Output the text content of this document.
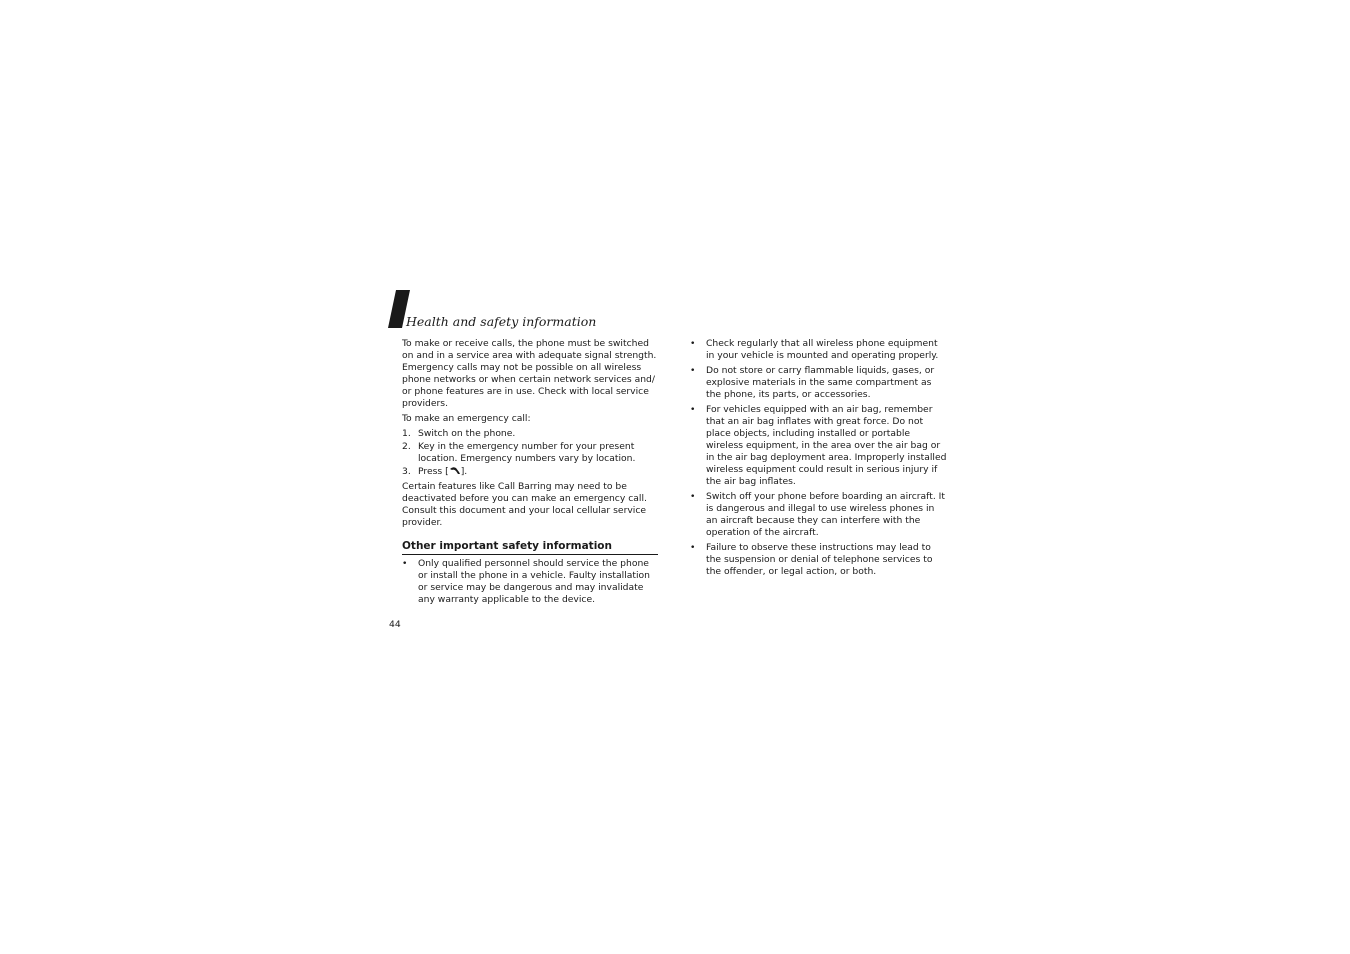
Health and safety information

To make or receive calls, the phone must be switched on and in a service area with adequate signal strength. Emergency calls may not be possible on all wireless phone networks or when certain network services and/ or phone features are in use. Check with local service providers.

To make an emergency call:

1. Switch on the phone.
2. Key in the emergency number for your present location. Emergency numbers vary by location.
3. Press [ ].

Certain features like Call Barring may need to be deactivated before you can make an emergency call. Consult this document and your local cellular service provider.

Other important safety information
•	Only qualified personnel should service the phone or install the phone in a vehicle. Faulty installation or service may be dangerous and may invalidate any warranty applicable to the device.
•	Check regularly that all wireless phone equipment in your vehicle is mounted and operating properly.
•	Do not store or carry flammable liquids, gases, or explosive materials in the same compartment as the phone, its parts, or accessories.
•	For vehicles equipped with an air bag, remember that an air bag inflates with great force. Do not place objects, including installed or portable wireless equipment, in the area over the air bag or in the air bag deployment area. Improperly installed wireless equipment could result in serious injury if the air bag inflates.
•	Switch off your phone before boarding an aircraft. It is dangerous and illegal to use wireless phones in an aircraft because they can interfere with the operation of the aircraft.
•	Failure to observe these instructions may lead to the suspension or denial of telephone services to the offender, or legal action, or both.
44
